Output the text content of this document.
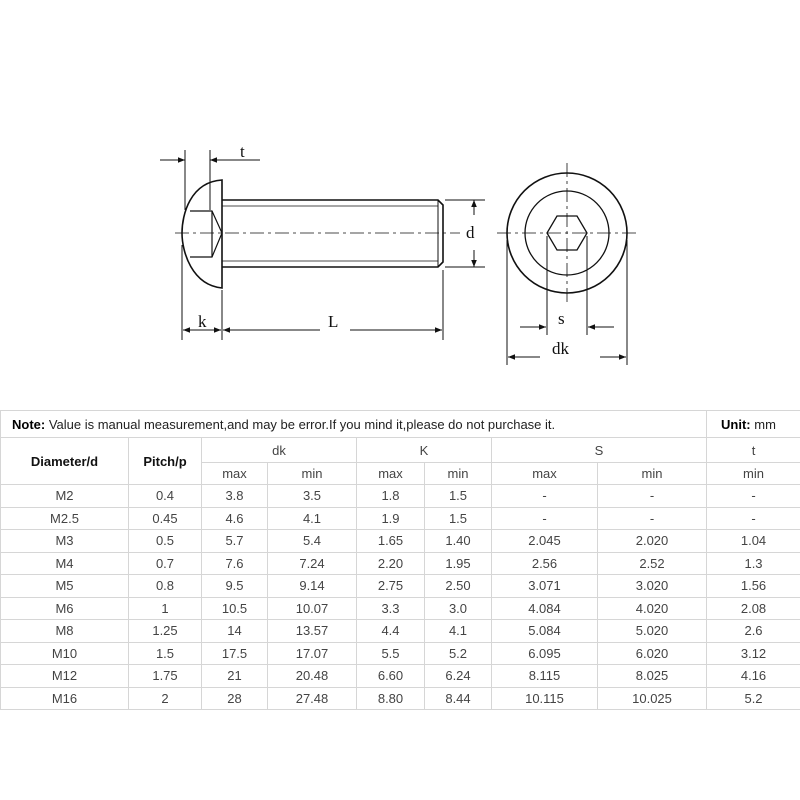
t
d
k	L	s
dk
Note: Value is manual measurement,and may be error.If you mind it,please do not purchase it.								Unit: mm
Diameter/d	Pitch/p	dk		K		S		t
		max	min	max	min	max	min	min
M2	0.4	3.8	3.5	1.8	1.5	-	-	-
M2.5	0.45	4.6	4.1	1.9	1.5	-	-	-
M3	0.5	5.7	5.4	1.65	1.40	2.045	2.020	1.04
M4	0.7	7.6	7.24	2.20	1.95	2.56	2.52	1.3
M5	0.8	9.5	9.14	2.75	2.50	3.071	3.020	1.56
M6	1	10.5	10.07	3.3	3.0	4.084	4.020	2.08
M8	1.25	14	13.57	4.4	4.1	5.084	5.020	2.6
M10	1.5	17.5	17.07	5.5	5.2	6.095	6.020	3.12
M12	1.75	21	20.48	6.60	6.24	8.115	8.025	4.16
M16	2	28	27.48	8.80	8.44	10.115	10.025	5.2
